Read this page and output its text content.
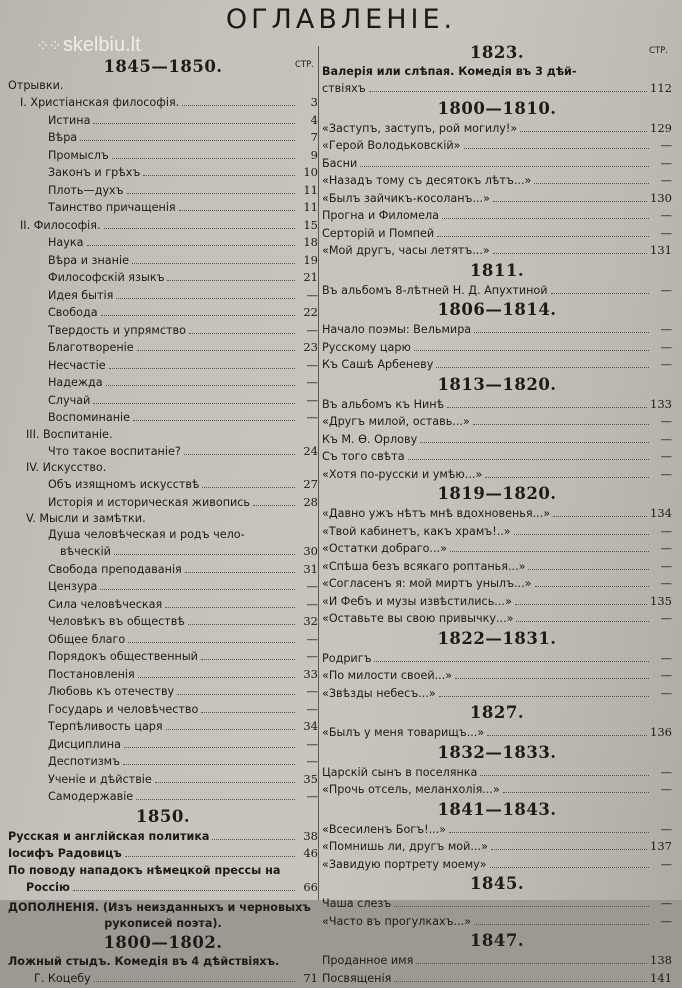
ОГЛАВЛЕНIЕ.
⁘⁘ skelbiu.lt
1845—1850.	СТР.
Отрывки.
I. Христiанская философiя.	3
Истина	4
Вѣра	7
Промыслъ	9
Законъ и грѣхъ	10
Плоть—духъ	11
Таинство причащенiя	11
II. Философiя.	15
Наука	18
Вѣра и знанiе	19
Философскiй языкъ	21
Идея бытiя	—
Свобода	22
Твердость и упрямство	—
Благотворенiе	23
Несчастiе	—
Надежда	—
Случай	—
Воспоминанiе	—
III. Воспитанiе.
Что такое воспитанiе?	24
IV. Искусство.
Объ изящномъ искусствѣ	27
Исторiя и историческая живопись	28
V. Мысли и замѣтки.
Душа человѣческая и родъ чело-
вѣческiй	30
Свобода преподаванiя	31
Цензура	—
Сила человѣческая	—
Человѣкъ въ обществѣ	32
Общее благо	—
Порядокъ общественный	—
Постановленiя	33
Любовь къ отечеству	—
Государь и человѣчество	—
Терпѣливость царя	34
Дисциплина	—
Деспотизмъ	—
Ученiе и дѣйствiе	35
Самодержавiе	—
1850.
Русская и англiйская политика	38
Iосифъ Радовицъ	46
По поводу нападокъ нѣмецкой прессы на
Россiю	66
ДОПОЛНЕНIЯ. (Изъ неизданныхъ и черновыхъ
рукописей поэта).
1800—1802.
Ложный стыдъ. Комедiя въ 4 дѣйствiяхъ.
Г. Коцебу	71
1823.	СТР.
Валерiя или слѣпая. Комедiя въ 3 дѣй-
ствiяхъ	112
1800—1810.
«Заступъ, заступъ, рой могилу!»	129
«Герой Володьковскiй»	—
Басни	—
«Назадъ тому съ десятокъ лѣтъ...»	—
«Былъ зайчикъ-косоланъ...»	130
Прогна и Филомела	—
Серторiй и Помпей	—
«Мой другъ, часы летятъ...»	131
1811.
Въ альбомъ 8-лѣтней Н. Д. Апухтиной	—
1806—1814.
Начало поэмы: Вельмира	—
Русскому царю	—
Къ Сашѣ Арбеневу	—
1813—1820.
Въ альбомъ къ Нинѣ	133
«Другъ милой, оставь...»	—
Къ М. Ѳ. Орлову	—
Съ того свѣта	—
«Хотя по-русски и умѣю...»	—
1819—1820.
«Давно ужъ нѣтъ мнѣ вдохновенья...»	134
«Твой кабинетъ, какъ храмъ!..»	—
«Остатки добраго...»	—
«Спѣша безъ всякаго роптанья...»	—
«Согласенъ я: мой миртъ унылъ...»	—
«И Фебъ и музы извѣстились...»	135
«Оставьте вы свою привычку...»	—
1822—1831.
Родригъ	—
«По милости своей...»	—
«Звѣзды небесъ...»	—
1827.
«Былъ у меня товарищъ...»	136
1832—1833.
Царскiй сынъ в поселянка	—
«Прочь отсель, меланхолiя...»	—
1841—1843.
«Всесиленъ Богъ!...»	—
«Помнишь ли, другъ мой...»	137
«Завидую портрету моему»	—
1845.
Чаша слезъ	—
«Часто въ прогулкахъ...»	—
1847.
Проданное имя	138
Посвященiя	141
